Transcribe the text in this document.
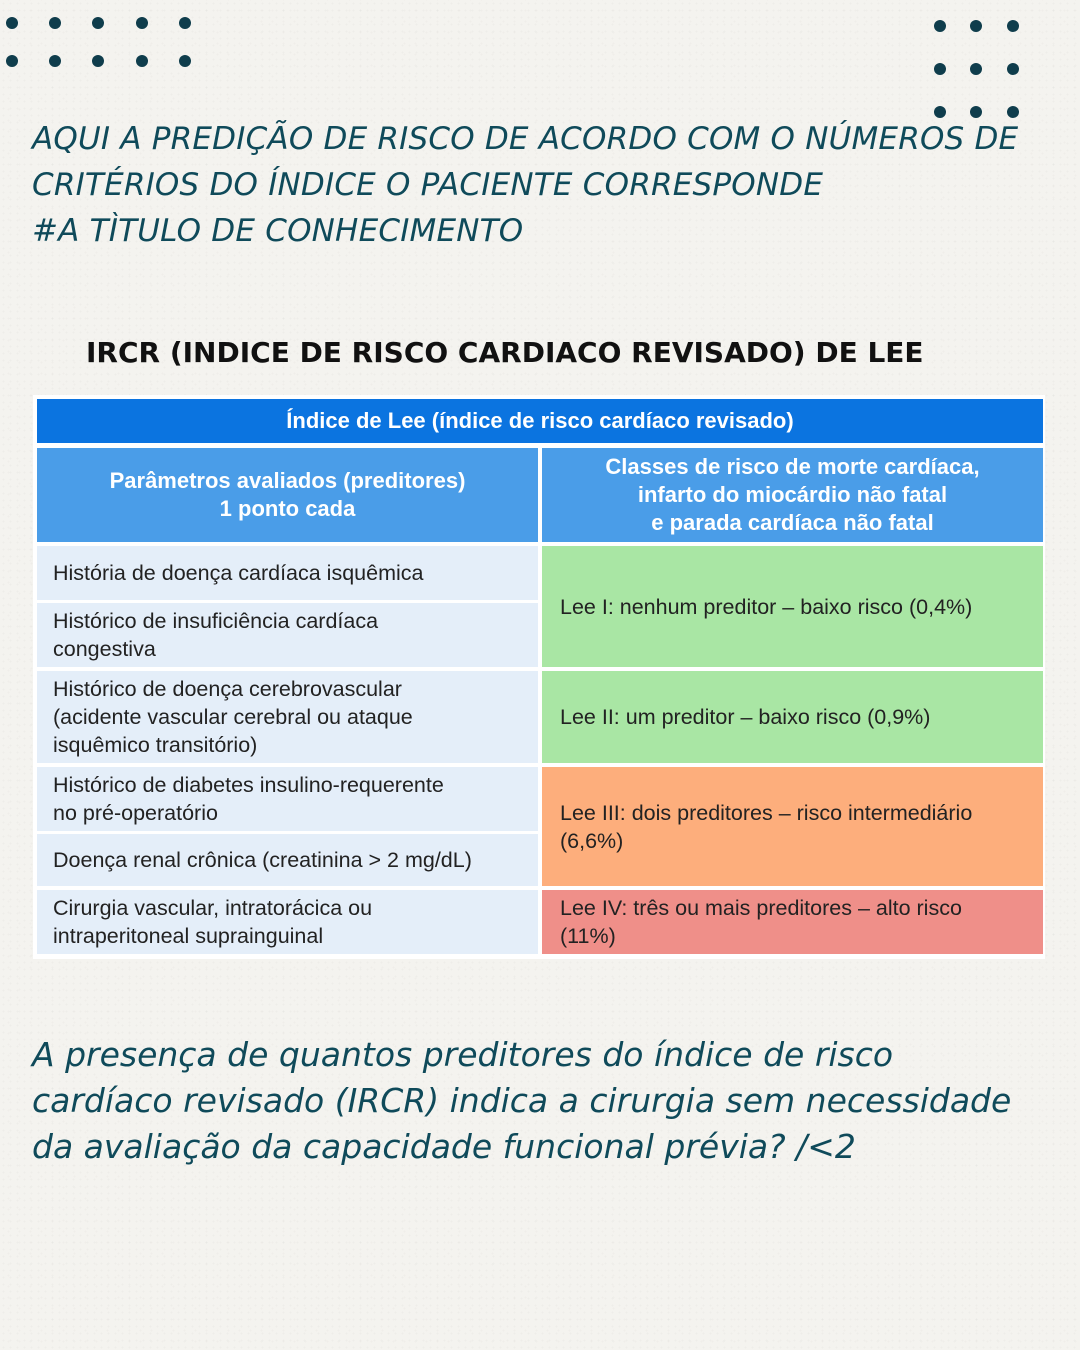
AQUI A PREDIÇÃO DE RISCO DE ACORDO COM O NÚMEROS DE
CRITÉRIOS DO ÍNDICE O PACIENTE CORRESPONDE
#A TÌTULO DE CONHECIMENTO
IRCR (INDICE DE RISCO CARDIACO REVISADO) DE LEE
Índice de Lee (índice de risco cardíaco revisado)
Parâmetros avaliados (preditores)
1 ponto cada
Classes de risco de morte cardíaca,
infarto do miocárdio não fatal
e parada cardíaca não fatal
História de doença cardíaca isquêmica
Histórico de insuficiência cardíaca
congestiva
Histórico de doença cerebrovascular
(acidente vascular cerebral ou ataque
isquêmico transitório)
Histórico de diabetes insulino-requerente
no pré-operatório
Doença renal crônica (creatinina > 2 mg/dL)
Cirurgia vascular, intratorácica ou
intraperitoneal suprainguinal
Lee I: nenhum preditor – baixo risco (0,4%)
Lee II: um preditor – baixo risco (0,9%)
Lee III: dois preditores – risco intermediário
(6,6%)
Lee IV: três ou mais preditores – alto risco
(11%)
A presença de quantos preditores do índice de risco
cardíaco revisado (IRCR) indica a cirurgia sem necessidade
da avaliação da capacidade funcional prévia? /<2
